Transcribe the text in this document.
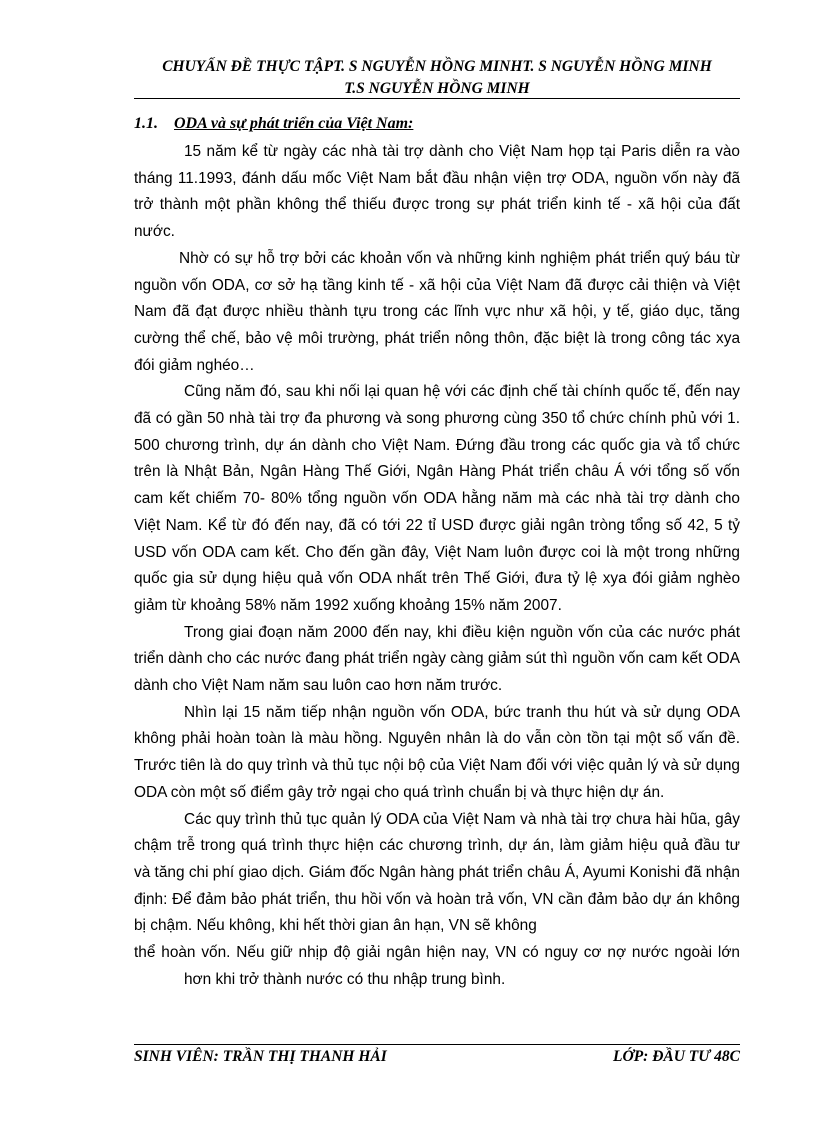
CHUYẤN ĐỀ THỰC TẬPT. S NGUYỄN HỒNG MINHT. S NGUYỄN HỒNG MINH
T.S NGUYỄN HỒNG MINH
1.1. ODA và sự phát triển của Việt Nam:

15 năm kể từ ngày các nhà tài trợ dành cho Việt Nam họp tại Paris diễn ra vào tháng 11.1993, đánh dấu mốc Việt Nam bắt đầu nhận viện trợ ODA, nguồn vốn này đã trở thành một phần không thể thiếu được trong sự phát triển kinh tế - xã hội của đất nước.

Nhờ có sự hỗ trợ bởi các khoản vốn và những kinh nghiệm phát triển quý báu từ nguồn vốn ODA, cơ sở hạ tầng kinh tế - xã hội của Việt Nam đã được cải thiện và Việt Nam đã đạt được nhiều thành tựu trong các lĩnh vực như xã hội, y tế, giáo dục, tăng cường thể chế, bảo vệ môi trường, phát triển nông thôn, đặc biệt là trong công tác xya đói giảm nghéo…

Cũng năm đó, sau khi nối lại quan hệ với các định chế tài chính quốc tế, đến nay đã có gần 50 nhà tài trợ đa phương và song phương cùng 350 tổ chức chính phủ với 1. 500 chương trình, dự án dành cho Việt Nam. Đứng đầu trong các quốc gia và tổ chức trên là Nhật Bản, Ngân Hàng Thế Giới, Ngân Hàng Phát triển châu Á với tổng số vốn cam kết chiếm 70- 80% tổng nguồn vốn ODA hằng năm mà các nhà tài trợ dành cho Việt Nam. Kể từ đó đến nay, đã có tới 22 tỉ USD được giải ngân tròng tổng số 42, 5 tỷ USD vốn ODA cam kết. Cho đến gần đây, Việt Nam luôn được coi là một trong những quốc gia sử dụng hiệu quả vốn ODA nhất trên Thế Giới, đưa tỷ lệ xya đói giảm nghèo giảm từ khoảng 58% năm 1992 xuống khoảng 15% năm 2007.

Trong giai đoạn năm 2000 đến nay, khi điều kiện nguồn vốn của các nước phát triển dành cho các nước đang phát triển ngày càng giảm sút thì nguồn vốn cam kết ODA dành cho Việt Nam năm sau luôn cao hơn năm trước.

Nhìn lại 15 năm tiếp nhận nguồn vốn ODA, bức tranh thu hút và sử dụng ODA không phải hoàn toàn là màu hồng. Nguyên nhân là do vẫn còn tồn tại một số vấn đề. Trước tiên là do quy trình và thủ tục nội bộ của Việt Nam đối với việc quản lý và sử dụng ODA còn một số điểm gây trở ngại cho quá trình chuẩn bị và thực hiện dự án.

Các quy trình thủ tục quản lý ODA của Việt Nam và nhà tài trợ chưa hài hũa, gây chậm trễ trong quá trình thực hiện các chương trình, dự án, làm giảm hiệu quả đầu tư và tăng chi phí giao dịch. Giám đốc Ngân hàng phát triển châu Á, Ayumi Konishi đã nhận định: Để đảm bảo phát triển, thu hồi vốn và hoàn trả vốn, VN cần đảm bảo dự án không bị chậm. Nếu không, khi hết thời gian ân hạn, VN sẽ không

thể hoàn vốn. Nếu giữ nhịp độ giải ngân hiện nay, VN có nguy cơ nợ nước ngoài lớn hơn khi trở thành nước có thu nhập trung bình.

SINH VIÊN: TRẦN THỊ THANH HẢI	LỚP: ĐẦU TƯ 48C
